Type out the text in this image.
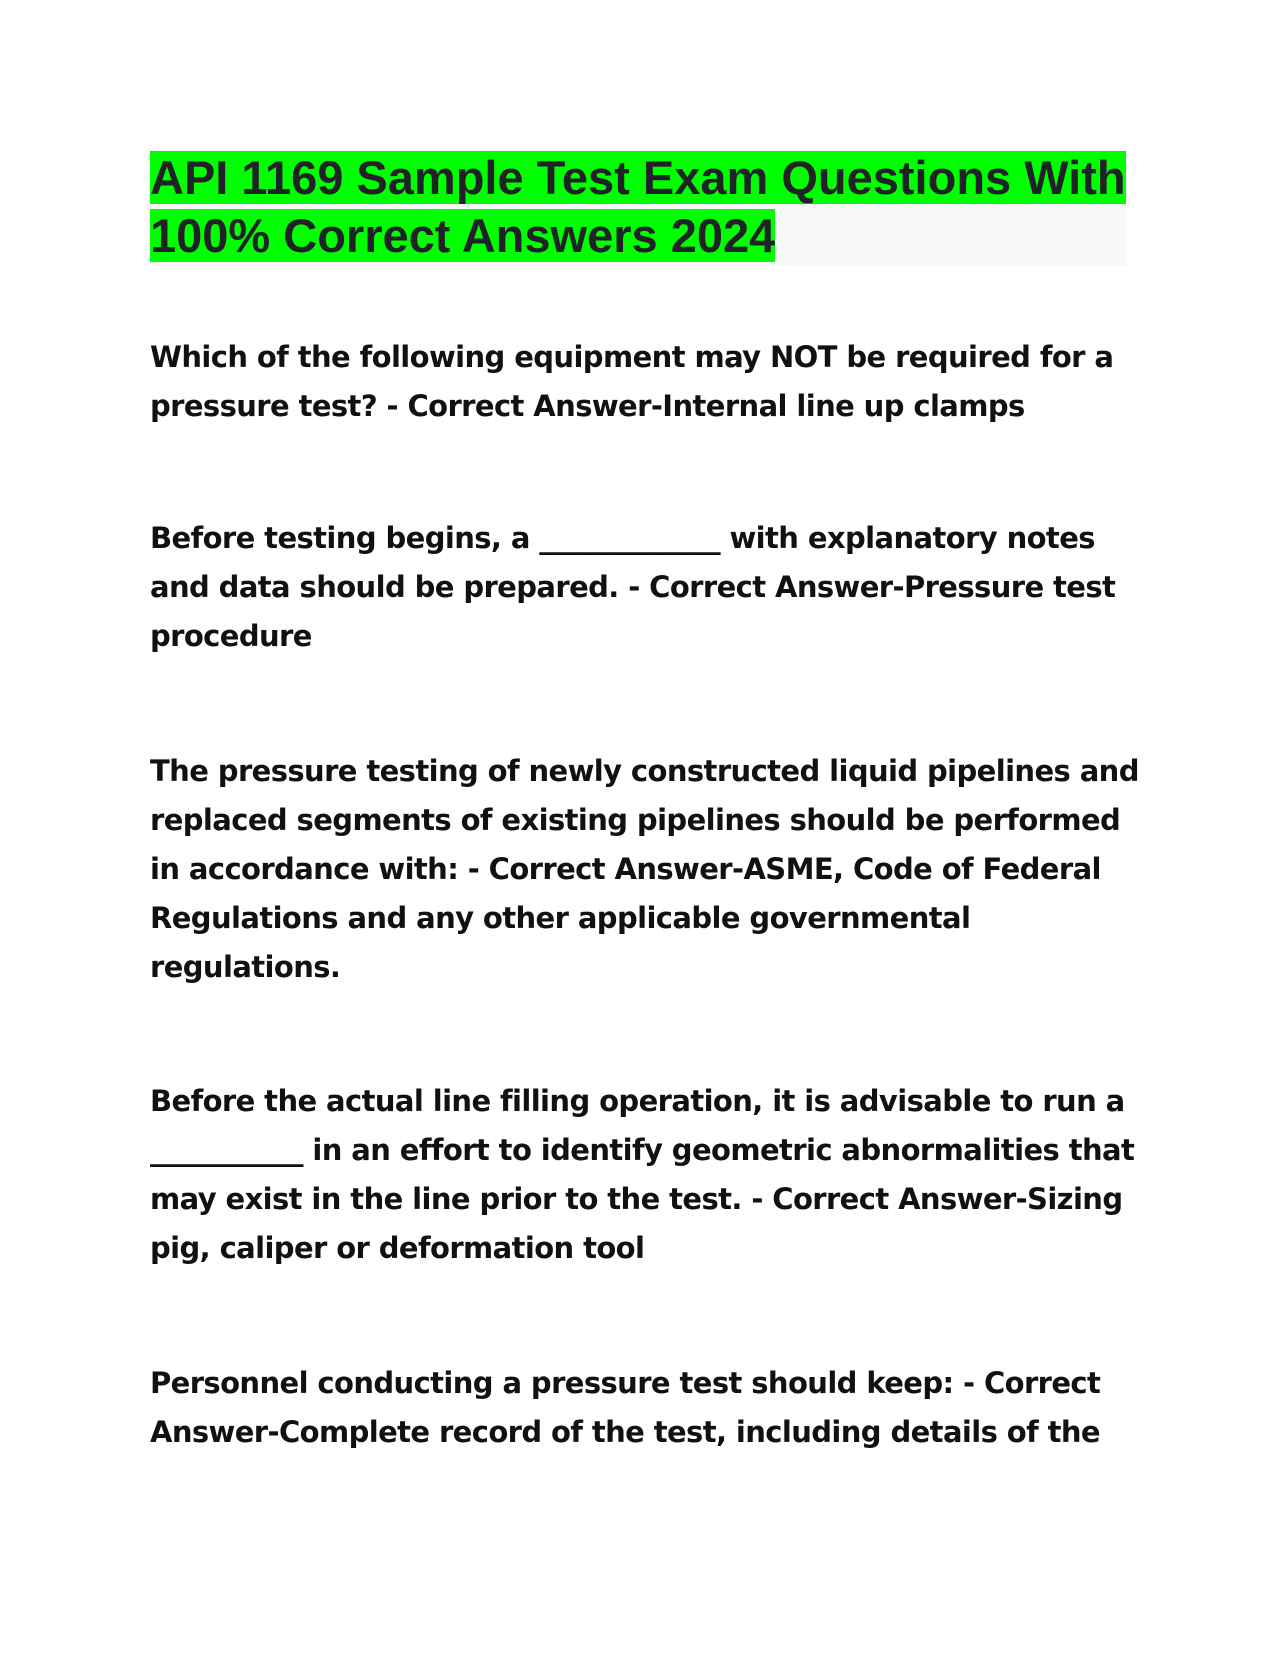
API 1169 Sample Test Exam Questions With 100% Correct Answers 2024

Which of the following equipment may NOT be required for a pressure test? - Correct Answer-Internal line up clamps

Before testing begins, a _____________ with explanatory notes and data should be prepared. - Correct Answer-Pressure test procedure

The pressure testing of newly constructed liquid pipelines and replaced segments of existing pipelines should be performed in accordance with: - Correct Answer-ASME, Code of Federal Regulations and any other applicable governmental regulations.

Before the actual line filling operation, it is advisable to run a ___________ in an effort to identify geometric abnormalities that may exist in the line prior to the test. - Correct Answer-Sizing pig, caliper or deformation tool

Personnel conducting a pressure test should keep: - Correct Answer-Complete record of the test, including details of the
